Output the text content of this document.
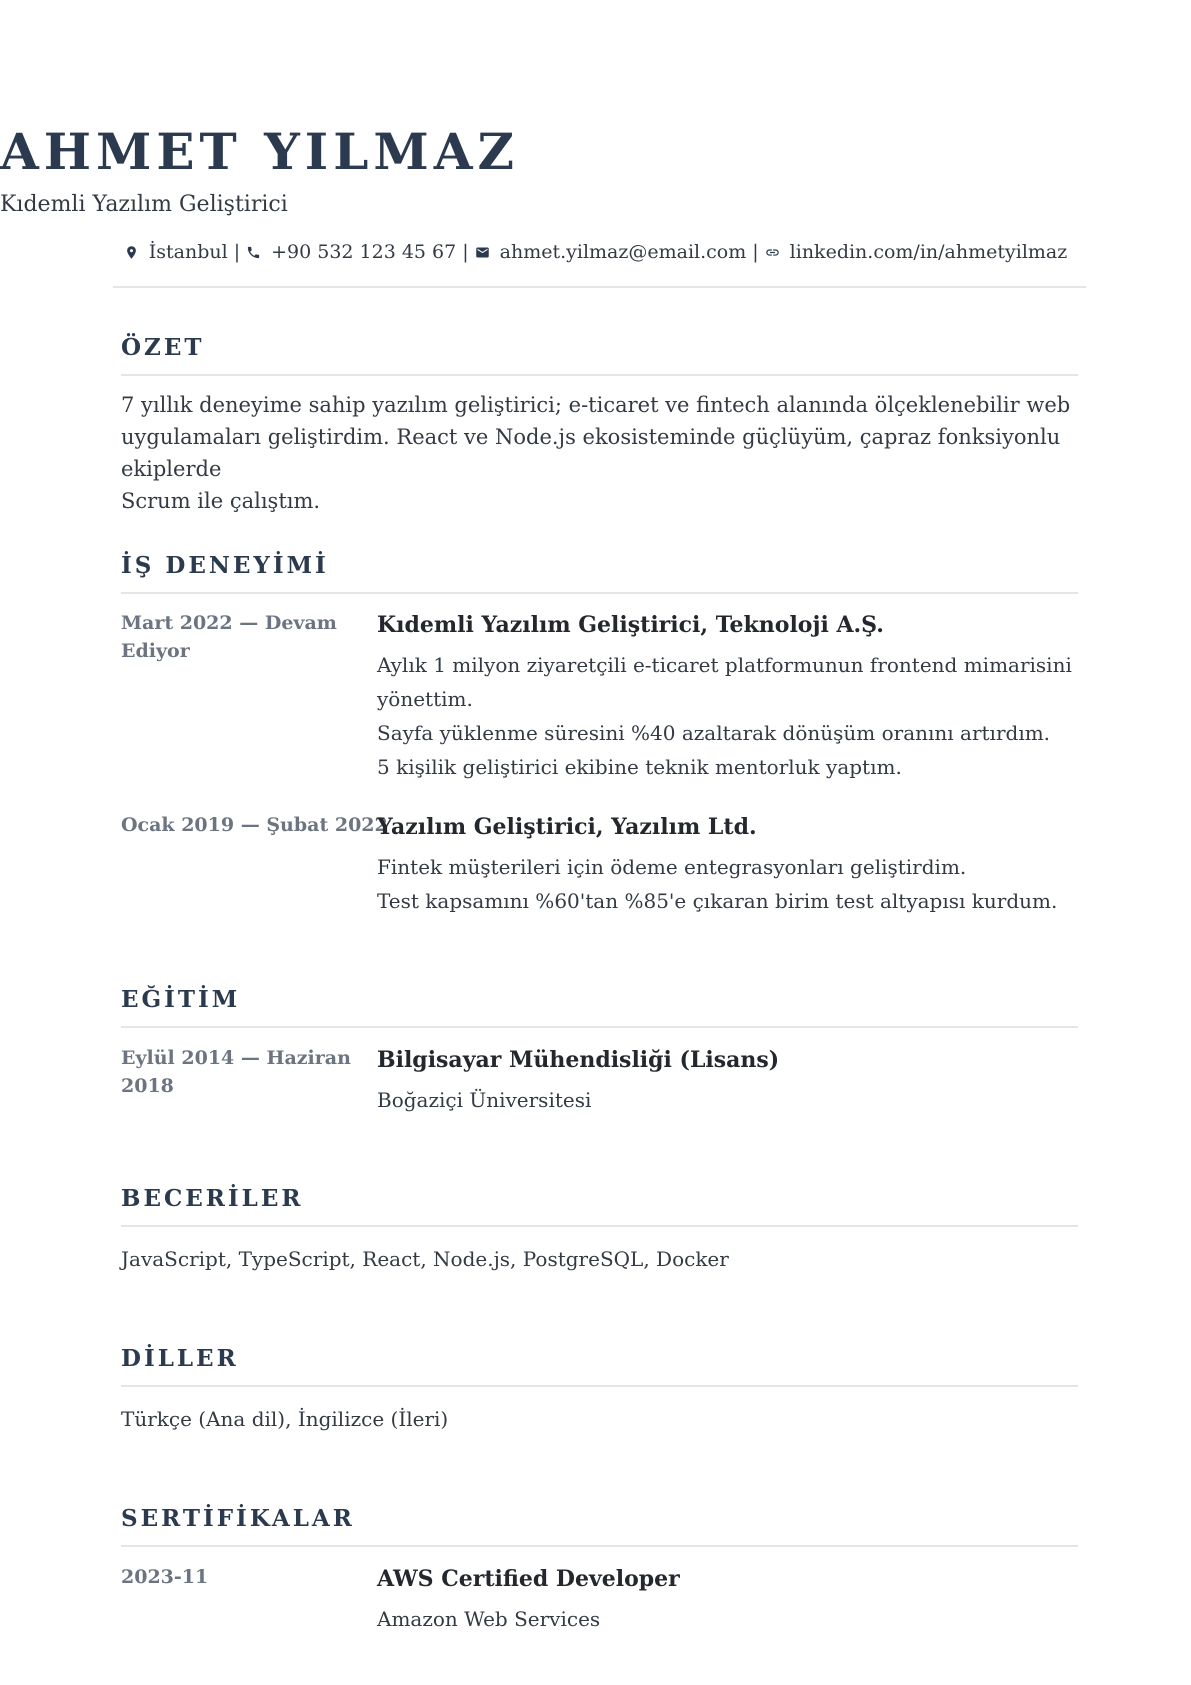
AHMET YILMAZ
Kıdemli Yazılım Geliştirici
İstanbul | +90 532 123 45 67 | ahmet.yilmaz@email.com | linkedin.com/in/ahmetyilmaz
ÖZET
7 yıllık deneyime sahip yazılım geliştirici; e-ticaret ve fintech alanında ölçeklenebilir web
uygulamaları geliştirdim. React ve Node.js ekosisteminde güçlüyüm, çapraz fonksiyonlu ekiplerde
Scrum ile çalıştım.
İŞ DENEYİMİ
Mart 2022 — Devam
Ediyor
Kıdemli Yazılım Geliştirici, Teknoloji A.Ş.
Aylık 1 milyon ziyaretçili e-ticaret platformunun frontend mimarisini
yönettim.
Sayfa yüklenme süresini %40 azaltarak dönüşüm oranını artırdım.
5 kişilik geliştirici ekibine teknik mentorluk yaptım.
Ocak 2019 — Şubat 2022
Yazılım Geliştirici, Yazılım Ltd.
Fintek müşterileri için ödeme entegrasyonları geliştirdim.
Test kapsamını %60'tan %85'e çıkaran birim test altyapısı kurdum.
EĞİTİM
Eylül 2014 — Haziran
2018
Bilgisayar Mühendisliği (Lisans)
Boğaziçi Üniversitesi
BECERİLER
JavaScript, TypeScript, React, Node.js, PostgreSQL, Docker
DİLLER
Türkçe (Ana dil), İngilizce (İleri)
SERTİFİKALAR
2023-11	AWS Certified Developer
Amazon Web Services
